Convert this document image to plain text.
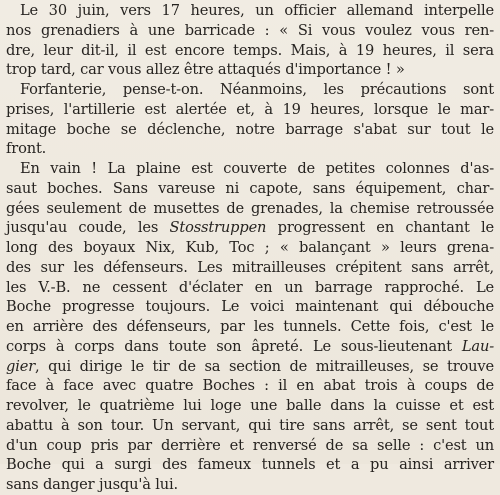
Le 30 juin, vers 17 heures, un officier allemand interpelle
nos grenadiers à une barricade : « Si vous voulez vous ren-
dre, leur dit-il, il est encore temps. Mais, à 19 heures, il sera
trop tard, car vous allez être attaqués d'importance ! »
Forfanterie, pense-t-on. Néanmoins, les précautions sont
prises, l'artillerie est alertée et, à 19 heures, lorsque le mar-
mitage boche se déclenche, notre barrage s'abat sur tout le
front.
En vain ! La plaine est couverte de petites colonnes d'as-
saut boches. Sans vareuse ni capote, sans équipement, char-
gées seulement de musettes de grenades, la chemise retroussée
jusqu'au coude, les Stosstruppen progressent en chantant le
long des boyaux Nix, Kub, Toc ; « balançant » leurs grena-
des sur les défenseurs. Les mitrailleuses crépitent sans arrêt,
les V.-B. ne cessent d'éclater en un barrage rapproché. Le
Boche progresse toujours. Le voici maintenant qui débouche
en arrière des défenseurs, par les tunnels. Cette fois, c'est le
corps à corps dans toute son âpreté. Le sous-lieutenant Lau-
gier, qui dirige le tir de sa section de mitrailleuses, se trouve
face à face avec quatre Boches : il en abat trois à coups de
revolver, le quatrième lui loge une balle dans la cuisse et est
abattu à son tour. Un servant, qui tire sans arrêt, se sent tout
d'un coup pris par derrière et renversé de sa selle : c'est un
Boche qui a surgi des fameux tunnels et a pu ainsi arriver
sans danger jusqu'à lui.
